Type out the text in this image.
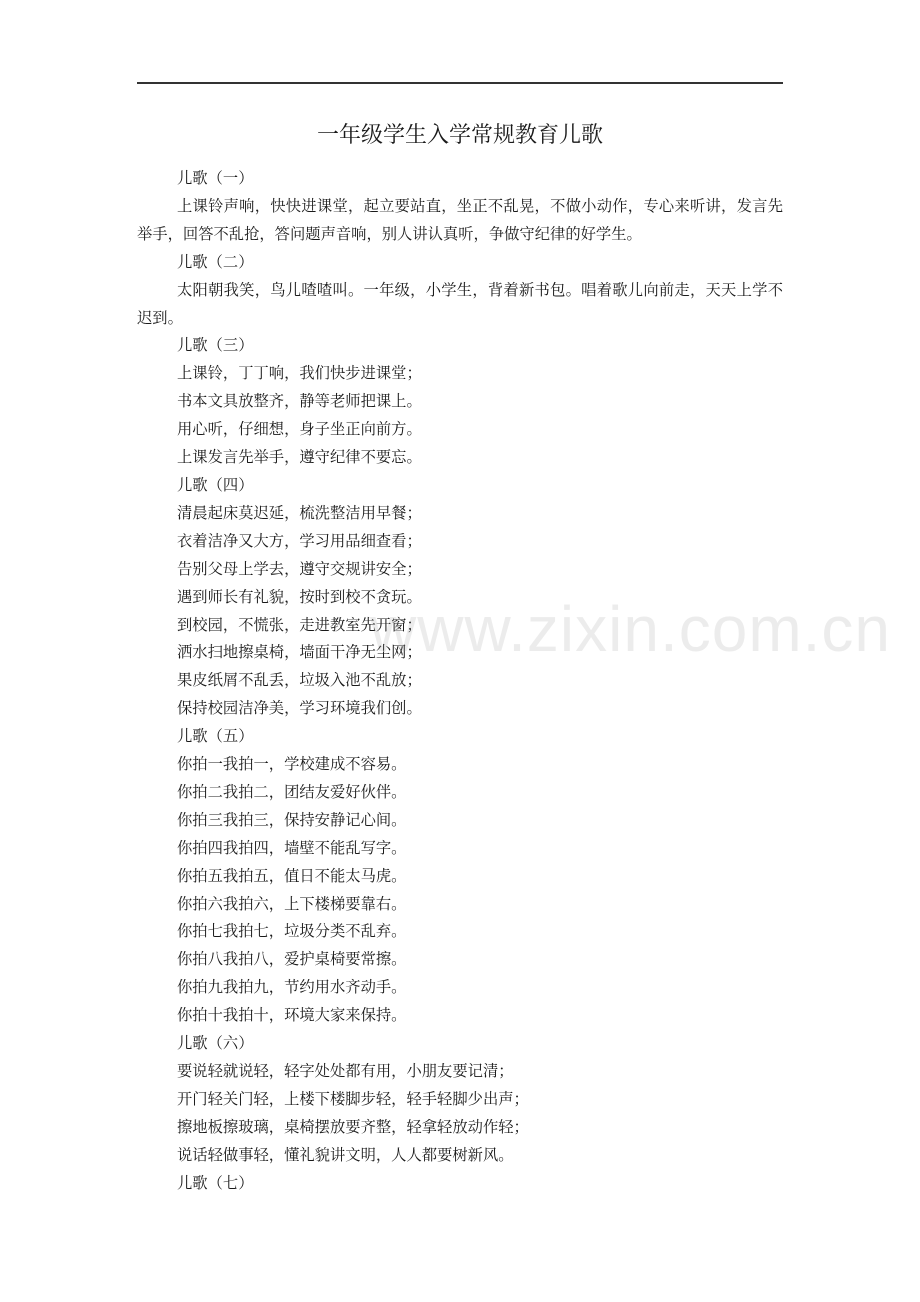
一年级学生入学常规教育儿歌

儿歌（一）

上课铃声响，快快进课堂，起立要站直，坐正不乱晃，不做小动作，专心来听讲，发言先举手，回答不乱抢，答问题声音响，别人讲认真听，争做守纪律的好学生。

儿歌（二）

太阳朝我笑，鸟儿喳喳叫。一年级，小学生，背着新书包。唱着歌儿向前走，天天上学不迟到。

儿歌（三）

上课铃，丁丁响，我们快步进课堂；

书本文具放整齐，静等老师把课上。

用心听，仔细想，身子坐正向前方。

上课发言先举手，遵守纪律不要忘。

儿歌（四）

清晨起床莫迟延，梳洗整洁用早餐；

衣着洁净又大方，学习用品细查看；

告别父母上学去，遵守交规讲安全；

遇到师长有礼貌，按时到校不贪玩。

到校园，不慌张，走进教室先开窗；

洒水扫地擦桌椅，墙面干净无尘网；

果皮纸屑不乱丢，垃圾入池不乱放；

保持校园洁净美，学习环境我们创。

儿歌（五）

你拍一我拍一，学校建成不容易。

你拍二我拍二，团结友爱好伙伴。

你拍三我拍三，保持安静记心间。

你拍四我拍四，墙壁不能乱写字。

你拍五我拍五，值日不能太马虎。

你拍六我拍六，上下楼梯要靠右。

你拍七我拍七，垃圾分类不乱弃。

你拍八我拍八，爱护桌椅要常擦。

你拍九我拍九，节约用水齐动手。

你拍十我拍十，环境大家来保持。

儿歌（六）

要说轻就说轻，轻字处处都有用，小朋友要记清；

开门轻关门轻，上楼下楼脚步轻，轻手轻脚少出声；

擦地板擦玻璃，桌椅摆放要齐整，轻拿轻放动作轻；

说话轻做事轻，懂礼貌讲文明，人人都要树新风。

儿歌（七）

www.zixin.com.cn
